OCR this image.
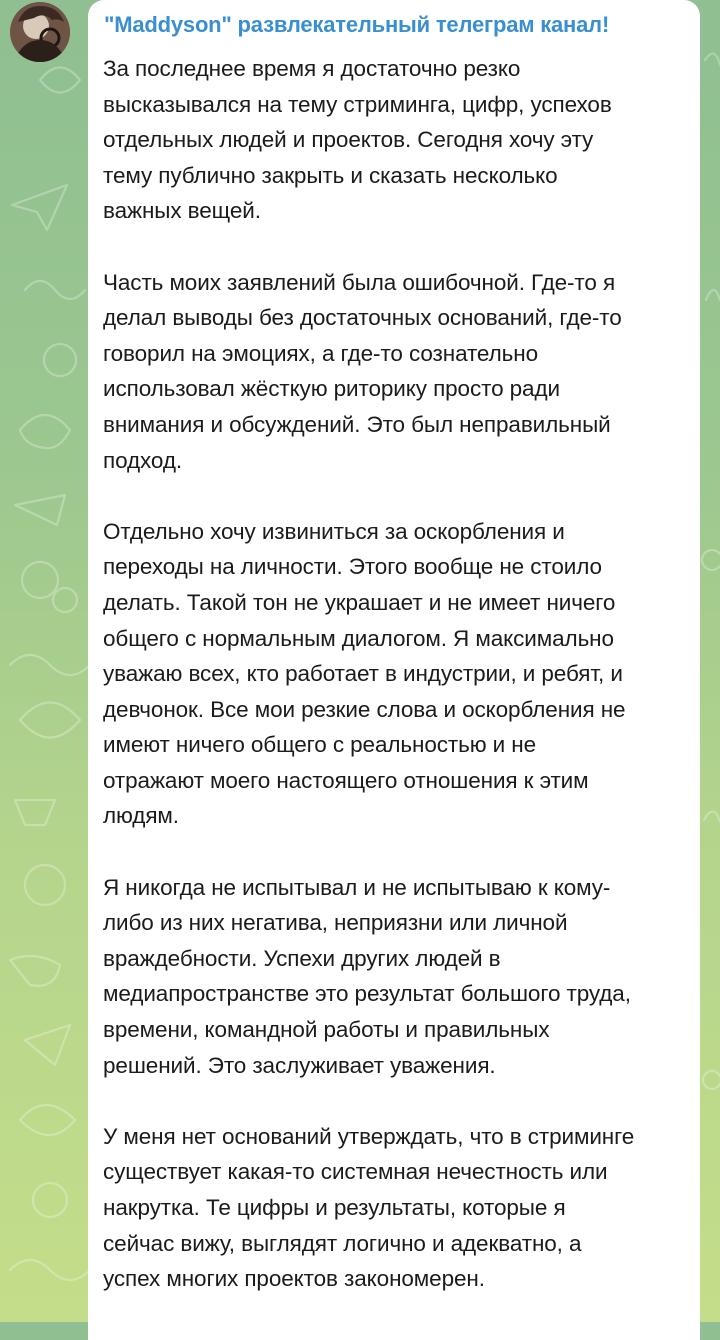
"Maddyson" развлекательный телеграм канал!

За последнее время я достаточно резко
высказывался на тему стриминга, цифр, успехов
отдельных людей и проектов. Сегодня хочу эту
тему публично закрыть и сказать несколько
важных вещей.

Часть моих заявлений была ошибочной. Где-то я
делал выводы без достаточных оснований, где-то
говорил на эмоциях, а где-то сознательно
использовал жёсткую риторику просто ради
внимания и обсуждений. Это был неправильный
подход.

Отдельно хочу извиниться за оскорбления и
переходы на личности. Этого вообще не стоило
делать. Такой тон не украшает и не имеет ничего
общего с нормальным диалогом. Я максимально
уважаю всех, кто работает в индустрии, и ребят, и
девчонок. Все мои резкие слова и оскорбления не
имеют ничего общего с реальностью и не
отражают моего настоящего отношения к этим
людям.

Я никогда не испытывал и не испытываю к кому-
либо из них негатива, неприязни или личной
враждебности. Успехи других людей в
медиапространстве это результат большого труда,
времени, командной работы и правильных
решений. Это заслуживает уважения.

У меня нет оснований утверждать, что в стриминге
существует какая-то системная нечестность или
накрутка. Те цифры и результаты, которые я
сейчас вижу, выглядят логично и адекватно, а
успех многих проектов закономерен.
